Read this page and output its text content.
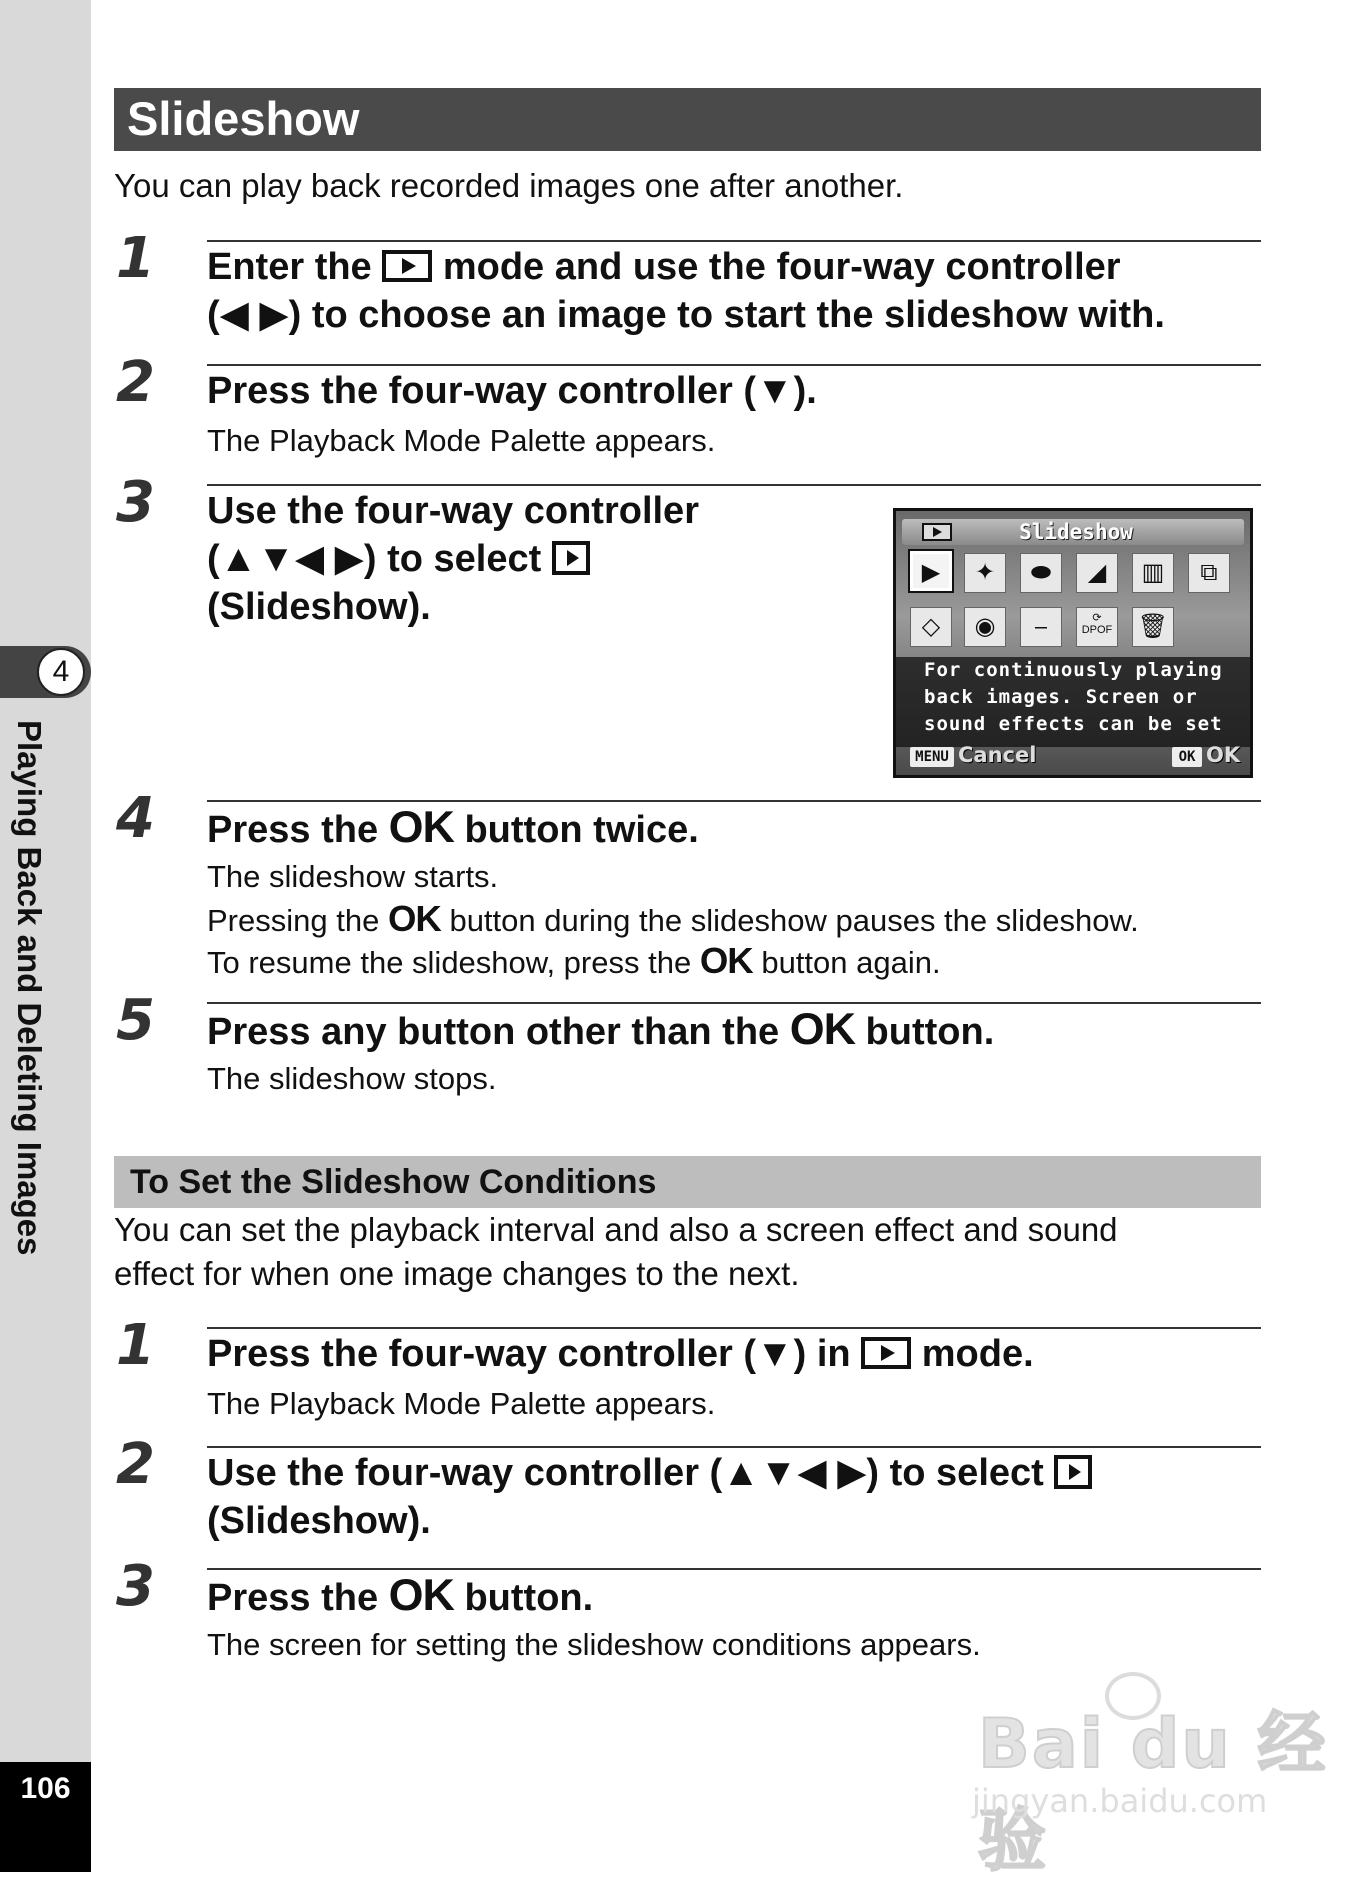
4
Playing Back and Deleting Images
106
Slideshow
You can play back recorded images one after another.
1 Enter the mode and use the four-way controller
(◀ ▶) to choose an image to start the slideshow with.
2 Press the four-way controller (▼).
The Playback Mode Palette appears.
3 Use the four-way controller
(▲▼◀ ▶) to select
(Slideshow).
Slideshow
▶	✦	⬬	◢	▥	⧉
◇	◉	⎯	⟳
DPOF 🗑
For continuously playing
back images. Screen or
sound effects can be set
MENU Cancel	OK OK
4 Press the OK button twice.
The slideshow starts.
Pressing the OK button during the slideshow pauses the slideshow.
To resume the slideshow, press the OK button again.
5 Press any button other than the OK button.
The slideshow stops.
To Set the Slideshow Conditions
You can set the playback interval and also a screen effect and sound
effect for when one image changes to the next.
1 Press the four-way controller (▼) in mode.
The Playback Mode Palette appears.
2 Use the four-way controller (▲▼◀ ▶) to select
(Slideshow).
3 Press the OK button.
The screen for setting the slideshow conditions appears.
Bai du 经验
jingyan.baidu.com
